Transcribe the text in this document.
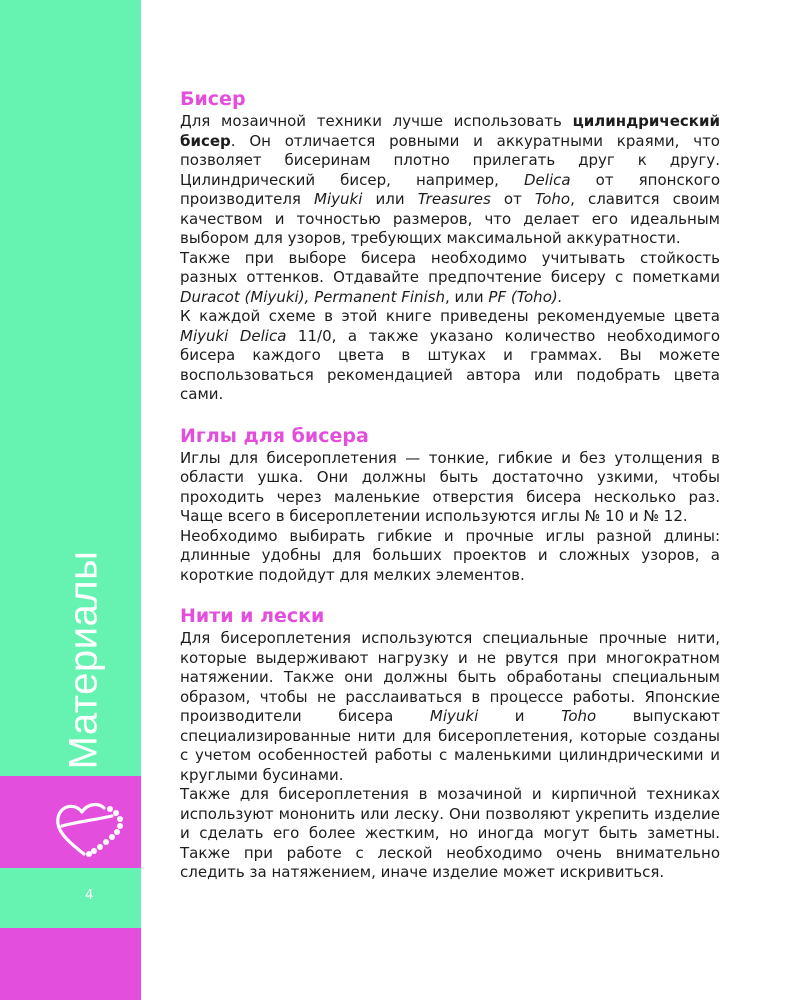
Материалы
4
Бисер

Для мозаичной техники лучше использовать цилиндрический бисер. Он отличается ровными и аккуратными краями, что позволяет бисеринам плотно прилегать друг к другу. Цилиндрический бисер, например, Delica от японского производителя Miyuki или Treasures от Toho, славится своим качеством и точностью размеров, что делает его идеальным выбором для узоров, требующих максимальной аккуратности.

Также при выборе бисера необходимо учитывать стойкость разных оттенков. Отдавайте предпочтение бисеру с пометками Duracot (Miyuki), Permanent Finish, или PF (Toho).

К каждой схеме в этой книге приведены рекомендуемые цвета Miyuki Delica 11/0, а также указано количество необходимого бисера каждого цвета в штуках и граммах. Вы можете воспользоваться рекомендацией автора или подобрать цвета сами.

Иглы для бисера

Иглы для бисероплетения — тонкие, гибкие и без утолщения в области ушка. Они должны быть достаточно узкими, чтобы проходить через маленькие отверстия бисера несколько раз. Чаще всего в бисероплетении используются иглы № 10 и № 12.

Необходимо выбирать гибкие и прочные иглы разной длины: длинные удобны для больших проектов и сложных узоров, а короткие подойдут для мелких элементов.

Нити и лески

Для бисероплетения используются специальные прочные нити, которые выдерживают нагрузку и не рвутся при многократном натяжении. Также они должны быть обработаны специальным образом, чтобы не расслаиваться в процессе работы. Японские производители бисера Miyuki и Toho выпускают специализированные нити для бисероплетения, которые созданы с учетом особенностей работы с маленькими цилиндрическими и круглыми бусинами.

Также для бисероплетения в мозачиной и кирпичной техниках используют мононить или леску. Они позволяют укрепить изделие и сделать его более жестким, но иногда могут быть заметны. Также при работе с леской необходимо очень внимательно следить за натяжением, иначе изделие может искривиться.
